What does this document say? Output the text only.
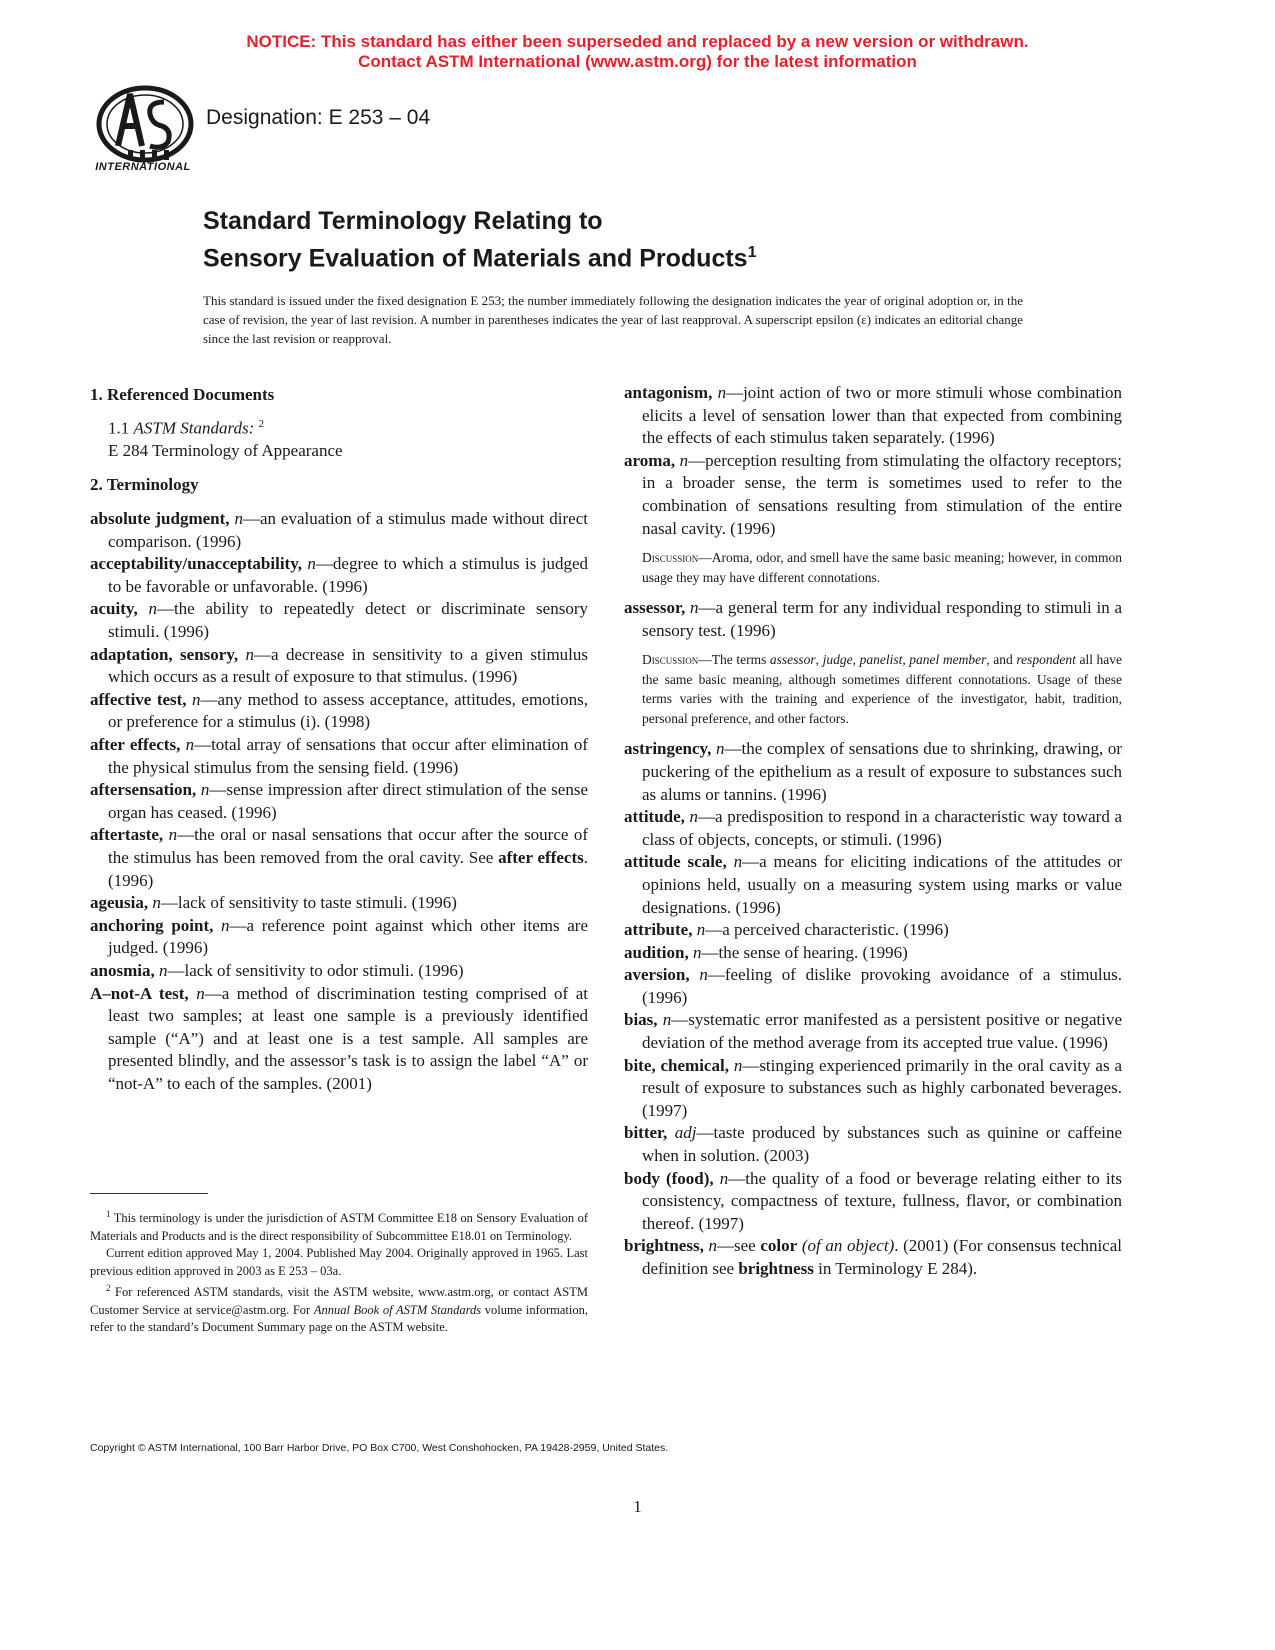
NOTICE: This standard has either been superseded and replaced by a new version or withdrawn.
Contact ASTM International (www.astm.org) for the latest information
INTERNATIONAL
Designation: E 253 – 04
Standard Terminology Relating to
Sensory Evaluation of Materials and Products$^1$
This standard is issued under the fixed designation E 253; the number immediately following the designation indicates the year of original adoption or, in the case of revision, the year of last revision. A number in parentheses indicates the year of last reapproval. A superscript epsilon (ε) indicates an editorial change since the last revision or reapproval.
1. Referenced Documents

1.1 ASTM Standards: $^2$

E 284 Terminology of Appearance

2. Terminology

absolute judgment, n—an evaluation of a stimulus made without direct comparison. (1996)

acceptability/unacceptability, n—degree to which a stimulus is judged to be favorable or unfavorable. (1996)

acuity, n—the ability to repeatedly detect or discriminate sensory stimuli. (1996)

adaptation, sensory, n—a decrease in sensitivity to a given stimulus which occurs as a result of exposure to that stimulus. (1996)

affective test, n—any method to assess acceptance, attitudes, emotions, or preference for a stimulus (i). (1998)

after effects, n—total array of sensations that occur after elimination of the physical stimulus from the sensing field. (1996)

aftersensation, n—sense impression after direct stimulation of the sense organ has ceased. (1996)

aftertaste, n—the oral or nasal sensations that occur after the source of the stimulus has been removed from the oral cavity. See after effects. (1996)

ageusia, n—lack of sensitivity to taste stimuli. (1996)

anchoring point, n—a reference point against which other items are judged. (1996)

anosmia, n—lack of sensitivity to odor stimuli. (1996)

A–not-A test, n—a method of discrimination testing comprised of at least two samples; at least one sample is a previously identified sample (“A”) and at least one is a test sample. All samples are presented blindly, and the assessor’s task is to assign the label “A” or “not-A” to each of the samples. (2001)

antagonism, n—joint action of two or more stimuli whose combination elicits a level of sensation lower than that expected from combining the effects of each stimulus taken separately. (1996)

aroma, n—perception resulting from stimulating the olfactory receptors; in a broader sense, the term is sometimes used to refer to the combination of sensations resulting from stimulation of the entire nasal cavity. (1996)

Discussion—Aroma, odor, and smell have the same basic meaning; however, in common usage they may have different connotations.

assessor, n—a general term for any individual responding to stimuli in a sensory test. (1996)

Discussion—The terms assessor, judge, panelist, panel member, and respondent all have the same basic meaning, although sometimes different connotations. Usage of these terms varies with the training and experience of the investigator, habit, tradition, personal preference, and other factors.

astringency, n—the complex of sensations due to shrinking, drawing, or puckering of the epithelium as a result of exposure to substances such as alums or tannins. (1996)

attitude, n—a predisposition to respond in a characteristic way toward a class of objects, concepts, or stimuli. (1996)

attitude scale, n—a means for eliciting indications of the attitudes or opinions held, usually on a measuring system using marks or value designations. (1996)

attribute, n—a perceived characteristic. (1996)

audition, n—the sense of hearing. (1996)

aversion, n—feeling of dislike provoking avoidance of a stimulus. (1996)

bias, n—systematic error manifested as a persistent positive or negative deviation of the method average from its accepted true value. (1996)

bite, chemical, n—stinging experienced primarily in the oral cavity as a result of exposure to substances such as highly carbonated beverages. (1997)

bitter, adj—taste produced by substances such as quinine or caffeine when in solution. (2003)

body (food), n—the quality of a food or beverage relating either to its consistency, compactness of texture, fullness, flavor, or combination thereof. (1997)

brightness, n—see color (of an object). (2001) (For consensus technical definition see brightness in Terminology E 284).

$^1$ This terminology is under the jurisdiction of ASTM Committee E18 on Sensory Evaluation of Materials and Products and is the direct responsibility of Subcommittee E18.01 on Terminology.

Current edition approved May 1, 2004. Published May 2004. Originally approved in 1965. Last previous edition approved in 2003 as E 253 – 03a.

$^2$ For referenced ASTM standards, visit the ASTM website, www.astm.org, or contact ASTM Customer Service at service@astm.org. For Annual Book of ASTM Standards volume information, refer to the standard’s Document Summary page on the ASTM website.

Copyright © ASTM International, 100 Barr Harbor Drive, PO Box C700, West Conshohocken, PA 19428-2959, United States.
1
